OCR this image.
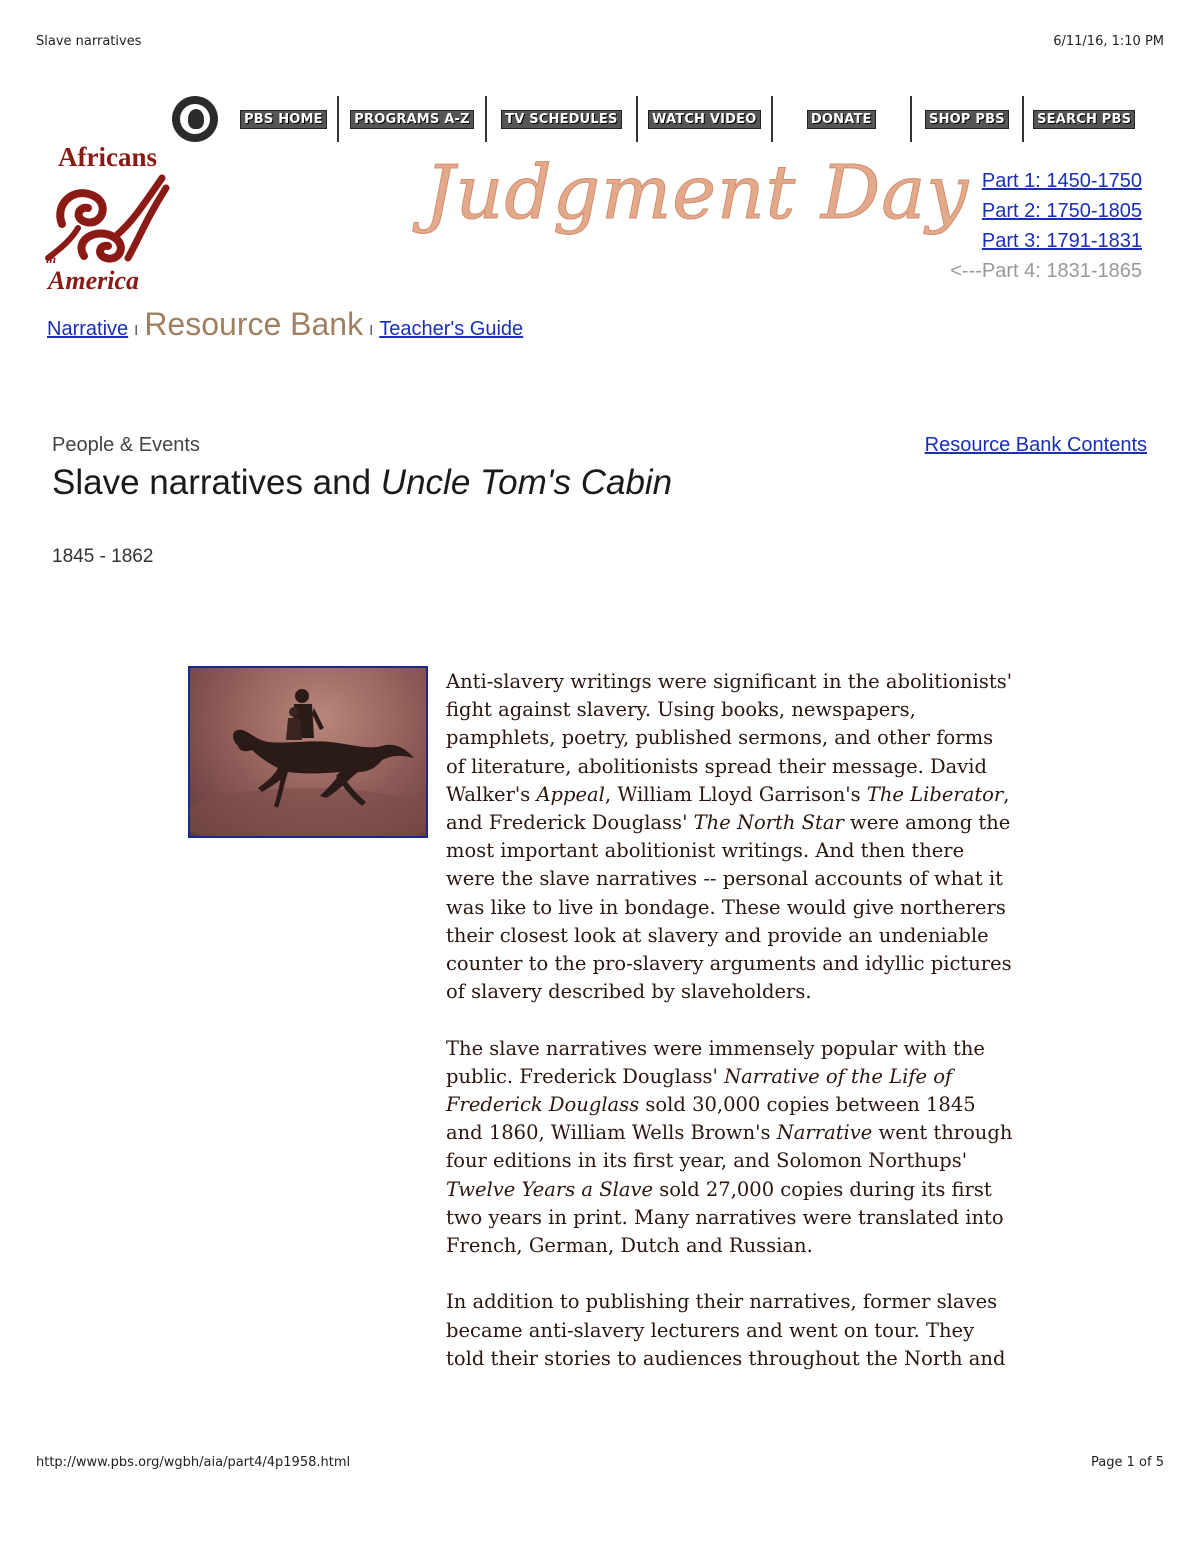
Slave narratives	6/11/16, 1:10 PM
PBS HOME	PROGRAMS A-Z	TV SCHEDULES	WATCH VIDEO	DONATE	SHOP PBS	SEARCH PBS
Africans
in
America
Judgment Day Part 1: 1450-1750
Part 2: 1750-1805
Part 3: 1791-1831
<---Part 4: 1831-1865
Narrative I Resource Bank I Teacher's Guide
People & Events	Resource Bank Contents
Slave narratives and Uncle Tom's Cabin
1845 - 1862

Anti-slavery writings were significant in the abolitionists' fight against slavery. Using books, newspapers, pamphlets, poetry, published sermons, and other forms of literature, abolitionists spread their message. David Walker's Appeal, William Lloyd Garrison's The Liberator, and Frederick Douglass' The North Star were among the most important abolitionist writings. And then there were the slave narratives -- personal accounts of what it was like to live in bondage. These would give northerers their closest look at slavery and provide an undeniable counter to the pro-slavery arguments and idyllic pictures of slavery described by slaveholders.

The slave narratives were immensely popular with the public. Frederick Douglass' Narrative of the Life of Frederick Douglass sold 30,000 copies between 1845 and 1860, William Wells Brown's Narrative went through four editions in its first year, and Solomon Northups' Twelve Years a Slave sold 27,000 copies during its first two years in print. Many narratives were translated into French, German, Dutch and Russian.

In addition to publishing their narratives, former slaves became anti-slavery lecturers and went on tour. They told their stories to audiences throughout the North and

http://www.pbs.org/wgbh/aia/part4/4p1958.html	Page 1 of 5
